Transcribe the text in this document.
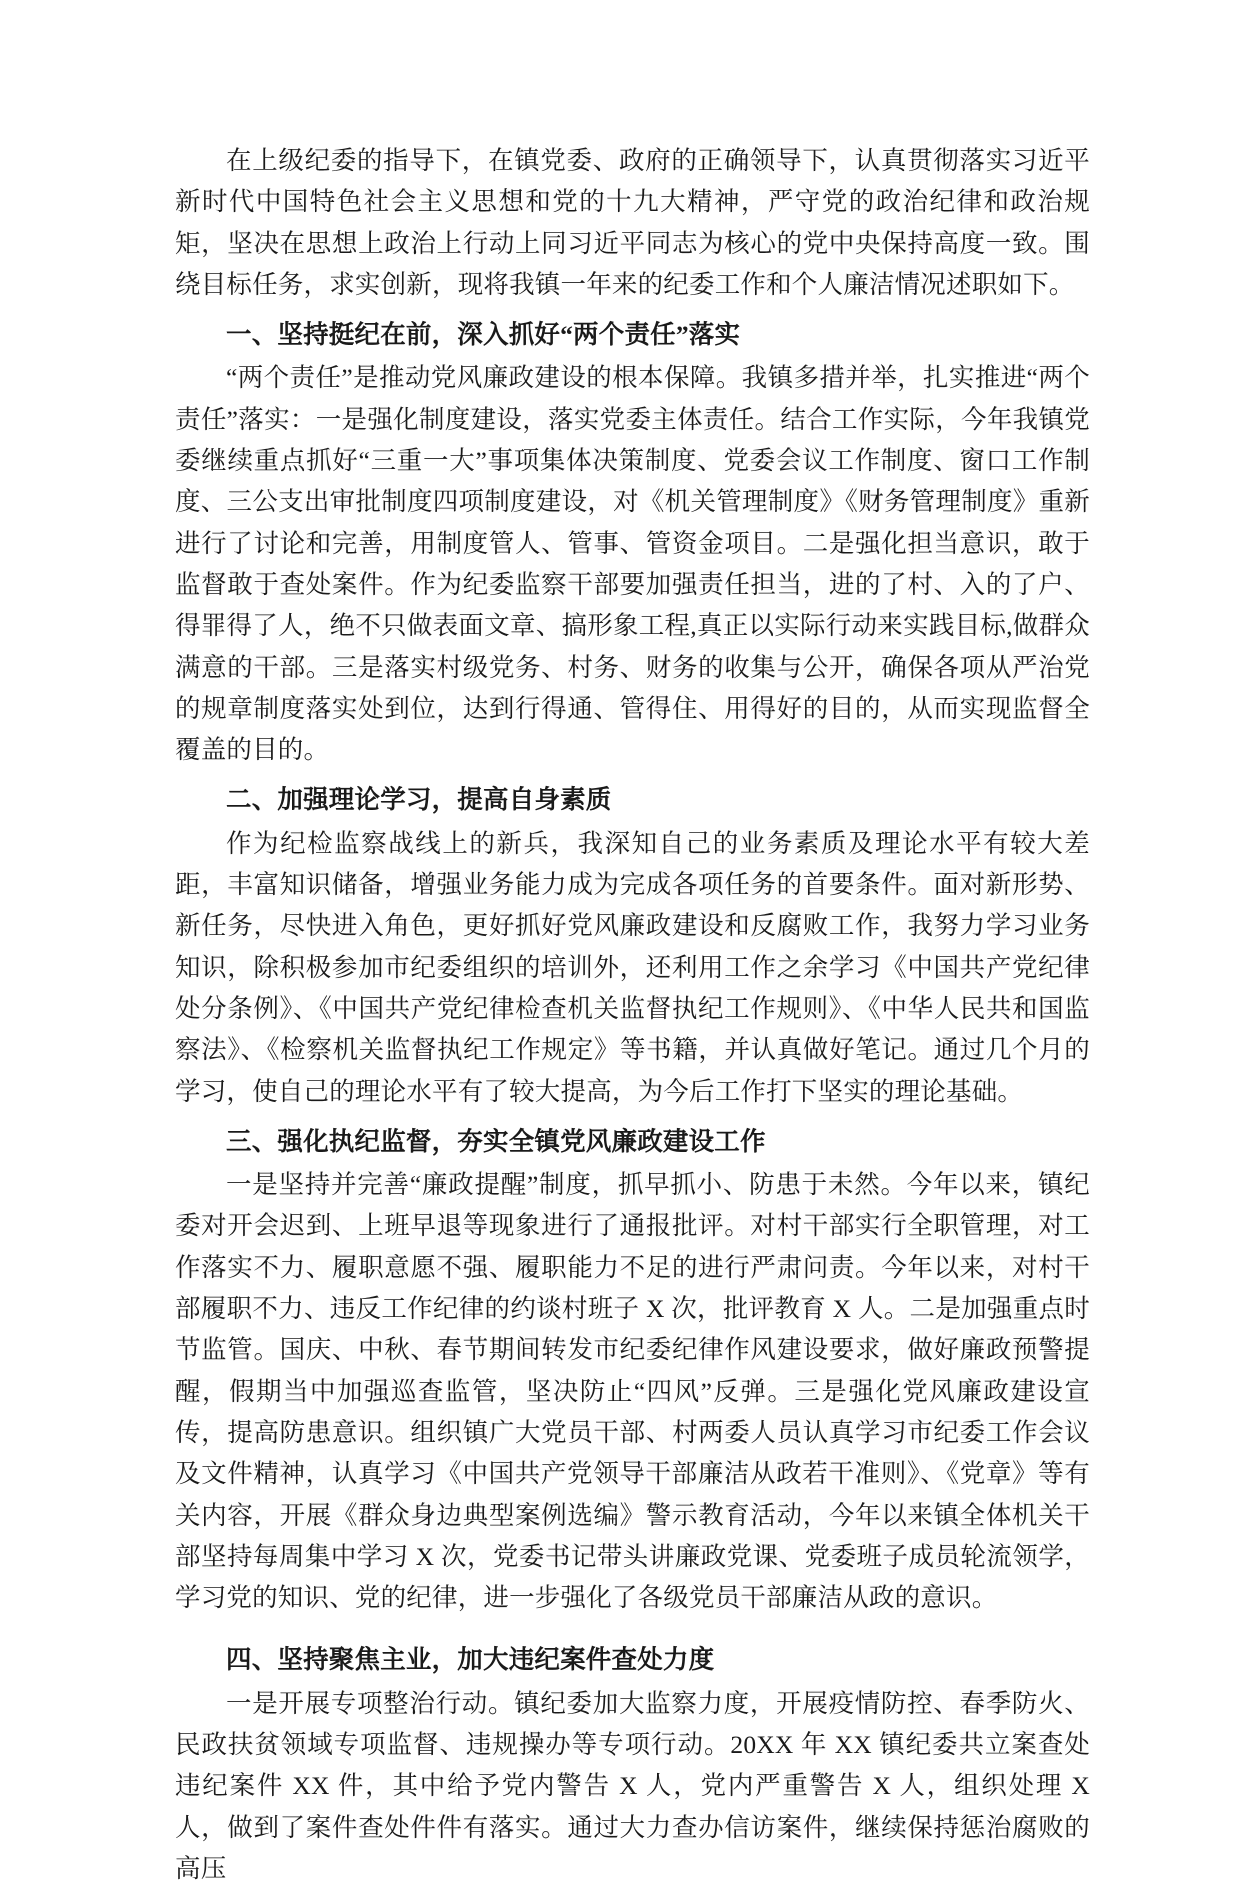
在上级纪委的指导下，在镇党委、政府的正确领导下，认真贯彻落实习近平新时代中国特色社会主义思想和党的十九大精神，严守党的政治纪律和政治规矩，坚决在思想上政治上行动上同习近平同志为核心的党中央保持高度一致。围绕目标任务，求实创新，现将我镇一年来的纪委工作和个人廉洁情况述职如下。

一、坚持挺纪在前，深入抓好“两个责任”落实

“两个责任”是推动党风廉政建设的根本保障。我镇多措并举，扎实推进“两个责任”落实：一是强化制度建设，落实党委主体责任。结合工作实际，今年我镇党委继续重点抓好“三重一大”事项集体决策制度、党委会议工作制度、窗口工作制度、三公支出审批制度四项制度建设，对《机关管理制度》《财务管理制度》重新进行了讨论和完善，用制度管人、管事、管资金项目。二是强化担当意识，敢于监督敢于查处案件。作为纪委监察干部要加强责任担当，进的了村、入的了户、得罪得了人，绝不只做表面文章、搞形象工程,真正以实际行动来实践目标,做群众满意的干部。三是落实村级党务、村务、财务的收集与公开，确保各项从严治党的规章制度落实处到位，达到行得通、管得住、用得好的目的，从而实现监督全覆盖的目的。

二、加强理论学习，提高自身素质

作为纪检监察战线上的新兵，我深知自己的业务素质及理论水平有较大差距，丰富知识储备，增强业务能力成为完成各项任务的首要条件。面对新形势、新任务，尽快进入角色，更好抓好党风廉政建设和反腐败工作，我努力学习业务知识，除积极参加市纪委组织的培训外，还利用工作之余学习《中国共产党纪律处分条例》、《中国共产党纪律检查机关监督执纪工作规则》、《中华人民共和国监察法》、《检察机关监督执纪工作规定》等书籍，并认真做好笔记。通过几个月的学习，使自己的理论水平有了较大提高，为今后工作打下坚实的理论基础。

三、强化执纪监督，夯实全镇党风廉政建设工作

一是坚持并完善“廉政提醒”制度，抓早抓小、防患于未然。今年以来，镇纪委对开会迟到、上班早退等现象进行了通报批评。对村干部实行全职管理，对工作落实不力、履职意愿不强、履职能力不足的进行严肃问责。今年以来，对村干部履职不力、违反工作纪律的约谈村班子 X 次，批评教育 X 人。二是加强重点时节监管。国庆、中秋、春节期间转发市纪委纪律作风建设要求，做好廉政预警提醒，假期当中加强巡查监管，坚决防止“四风”反弹。三是强化党风廉政建设宣传，提高防患意识。组织镇广大党员干部、村两委人员认真学习市纪委工作会议及文件精神，认真学习《中国共产党领导干部廉洁从政若干准则》、《党章》等有关内容，开展《群众身边典型案例选编》警示教育活动，今年以来镇全体机关干部坚持每周集中学习 X 次，党委书记带头讲廉政党课、党委班子成员轮流领学，学习党的知识、党的纪律，进一步强化了各级党员干部廉洁从政的意识。

四、坚持聚焦主业，加大违纪案件查处力度

一是开展专项整治行动。镇纪委加大监察力度，开展疫情防控、春季防火、民政扶贫领域专项监督、违规操办等专项行动。20XX 年 XX 镇纪委共立案查处违纪案件 XX 件，其中给予党内警告 X 人，党内严重警告 X 人，组织处理 X 人，做到了案件查处件件有落实。通过大力查办信访案件，继续保持惩治腐败的高压
